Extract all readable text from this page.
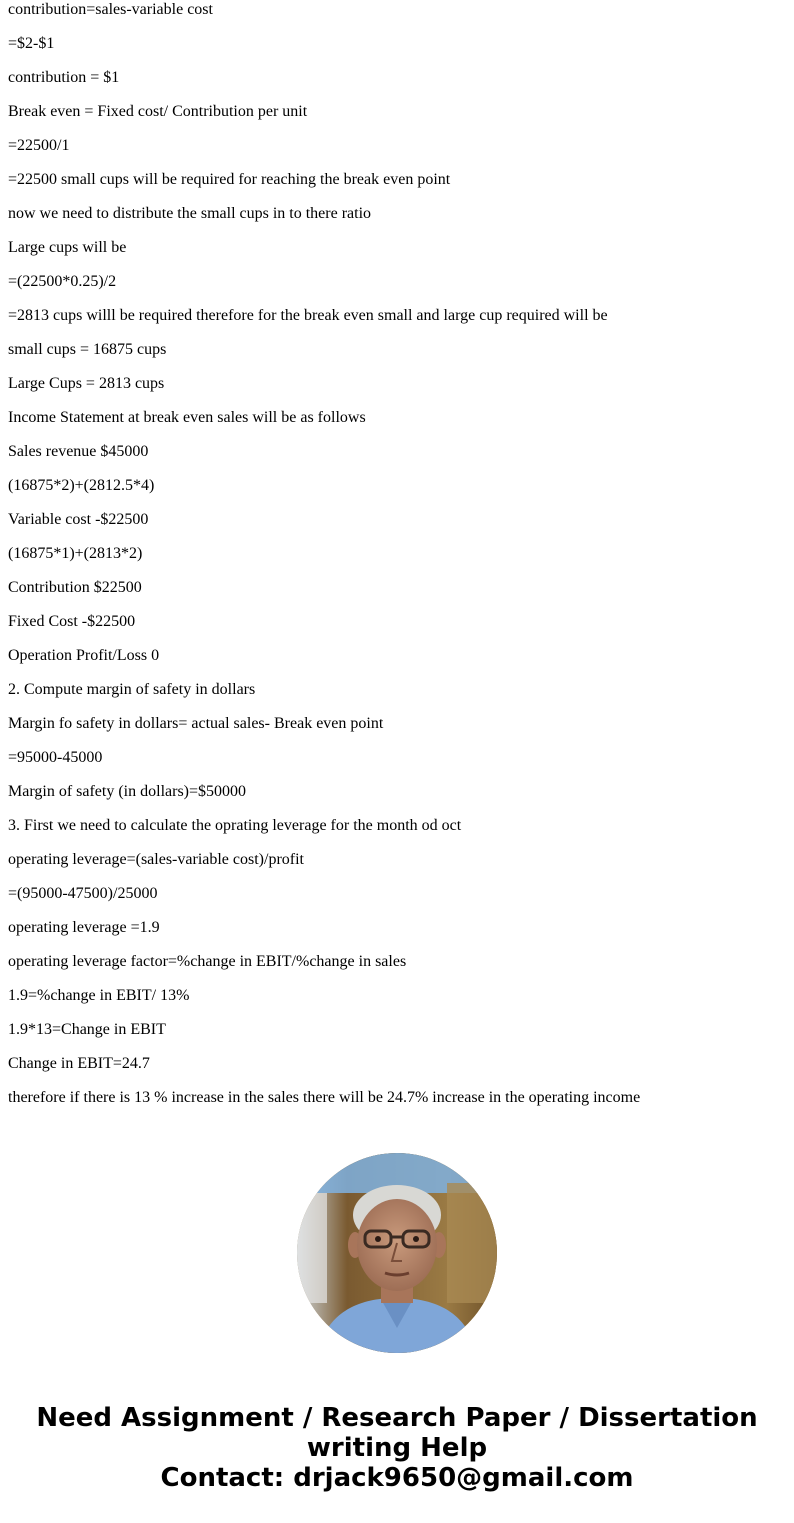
contribution=sales-variable cost

=$2-$1

contribution = $1

Break even = Fixed cost/ Contribution per unit

=22500/1

=22500 small cups will be required for reaching the break even point

now we need to distribute the small cups in to there ratio

Large cups will be

=(22500*0.25)/2

=2813 cups willl be required therefore for the break even small and large cup required will be

small cups = 16875 cups

Large Cups = 2813 cups

Income Statement at break even sales will be as follows

Sales revenue $45000

(16875*2)+(2812.5*4)

Variable cost -$22500

(16875*1)+(2813*2)

Contribution $22500

Fixed Cost -$22500

Operation Profit/Loss 0

2. Compute margin of safety in dollars

Margin fo safety in dollars= actual sales- Break even point

=95000-45000

Margin of safety (in dollars)=$50000

3. First we need to calculate the oprating leverage for the month od oct

operating leverage=(sales-variable cost)/profit

=(95000-47500)/25000

operating leverage =1.9

operating leverage factor=%change in EBIT/%change in sales

1.9=%change in EBIT/ 13%

1.9*13=Change in EBIT

Change in EBIT=24.7

therefore if there is 13 % increase in the sales there will be 24.7% increase in the operating income

Need Assignment / Research Paper / Dissertation
writing Help
Contact: drjack9650@gmail.com
